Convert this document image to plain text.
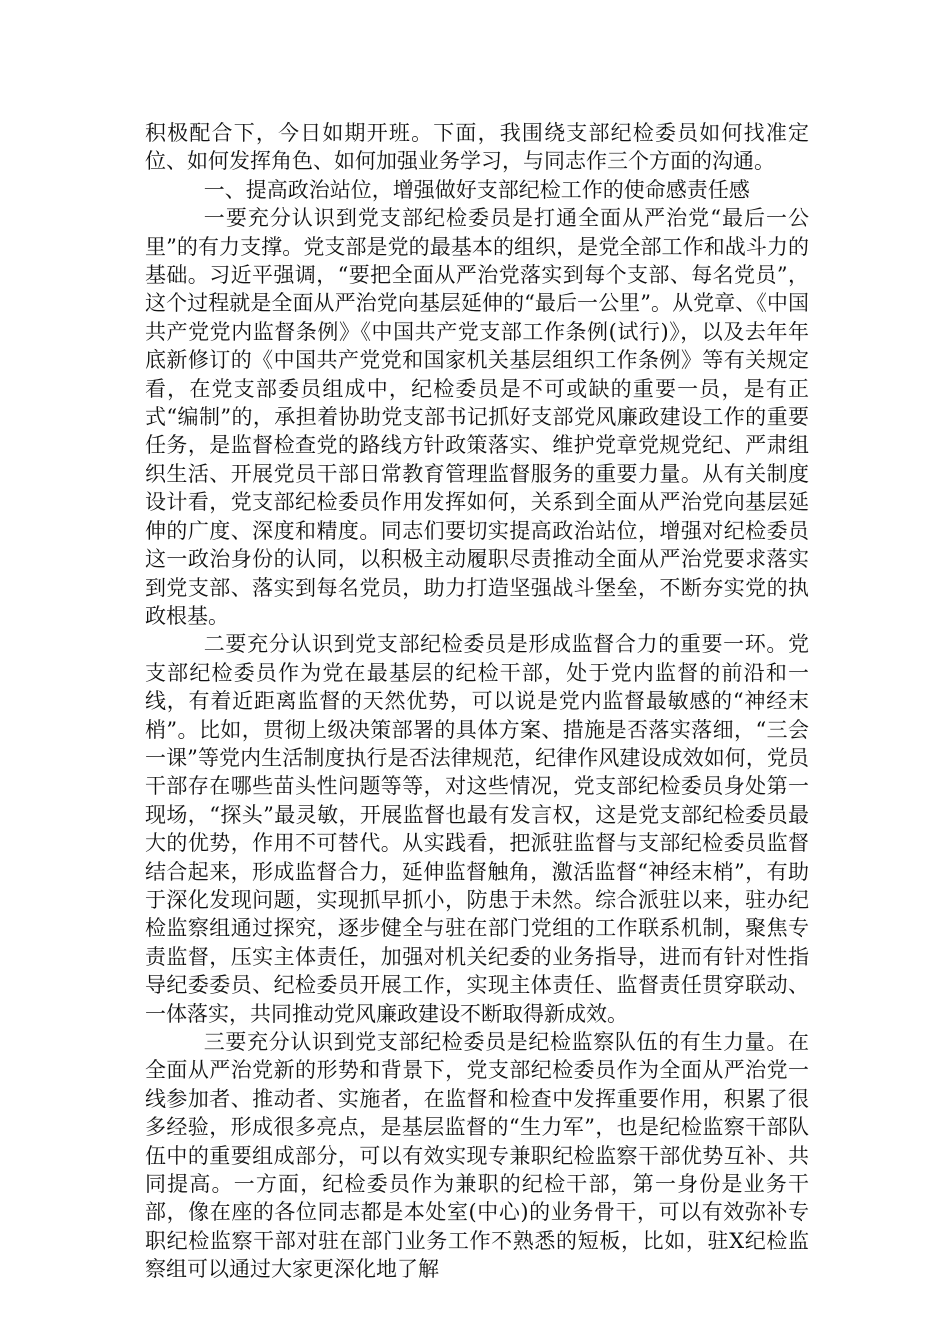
积极配合下，今日如期开班。下面，我围绕支部纪检委员如何找准定位、如何发挥角色、如何加强业务学习，与同志作三个方面的沟通。

一、提高政治站位，增强做好支部纪检工作的使命感责任感

一要充分认识到党支部纪检委员是打通全面从严治党“最后一公里”的有力支撑。党支部是党的最基本的组织，是党全部工作和战斗力的基础。习近平强调，“要把全面从严治党落实到每个支部、每名党员”，这个过程就是全面从严治党向基层延伸的“最后一公里”。从党章、《中国共产党党内监督条例》《中国共产党支部工作条例(试行)》，以及去年年底新修订的《中国共产党党和国家机关基层组织工作条例》等有关规定看，在党支部委员组成中，纪检委员是不可或缺的重要一员，是有正式“编制”的，承担着协助党支部书记抓好支部党风廉政建设工作的重要任务，是监督检查党的路线方针政策落实、维护党章党规党纪、严肃组织生活、开展党员干部日常教育管理监督服务的重要力量。从有关制度设计看，党支部纪检委员作用发挥如何，关系到全面从严治党向基层延伸的广度、深度和精度。同志们要切实提高政治站位，增强对纪检委员这一政治身份的认同，以积极主动履职尽责推动全面从严治党要求落实到党支部、落实到每名党员，助力打造坚强战斗堡垒，不断夯实党的执政根基。

二要充分认识到党支部纪检委员是形成监督合力的重要一环。党支部纪检委员作为党在最基层的纪检干部，处于党内监督的前沿和一线，有着近距离监督的天然优势，可以说是党内监督最敏感的“神经末梢”。比如，贯彻上级决策部署的具体方案、措施是否落实落细，“三会一课”等党内生活制度执行是否法律规范，纪律作风建设成效如何，党员干部存在哪些苗头性问题等等，对这些情况，党支部纪检委员身处第一现场，“探头”最灵敏，开展监督也最有发言权，这是党支部纪检委员最大的优势，作用不可替代。从实践看，把派驻监督与支部纪检委员监督结合起来，形成监督合力，延伸监督触角，激活监督“神经末梢”，有助于深化发现问题，实现抓早抓小，防患于未然。综合派驻以来，驻办纪检监察组通过探究，逐步健全与驻在部门党组的工作联系机制，聚焦专责监督，压实主体责任，加强对机关纪委的业务指导，进而有针对性指导纪委委员、纪检委员开展工作，实现主体责任、监督责任贯穿联动、一体落实，共同推动党风廉政建设不断取得新成效。

三要充分认识到党支部纪检委员是纪检监察队伍的有生力量。在全面从严治党新的形势和背景下，党支部纪检委员作为全面从严治党一线参加者、推动者、实施者，在监督和检查中发挥重要作用，积累了很多经验，形成很多亮点，是基层监督的“生力军”，也是纪检监察干部队伍中的重要组成部分，可以有效实现专兼职纪检监察干部优势互补、共同提高。一方面，纪检委员作为兼职的纪检干部，第一身份是业务干部，像在座的各位同志都是本处室(中心)的业务骨干，可以有效弥补专职纪检监察干部对驻在部门业务工作不熟悉的短板，比如，驻X纪检监察组可以通过大家更深化地了解
